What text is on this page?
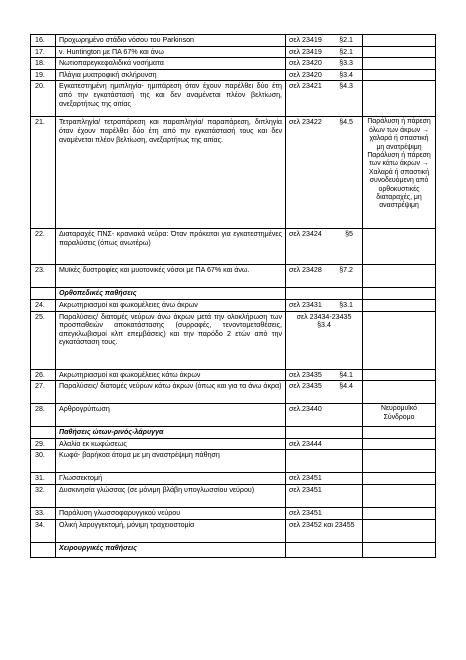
16.	Προχωρημένο στάδιο νόσου του Parkinson	σελ 23419 §2.1	

17.	ν. Huntington με ΠΑ 67% και άνω	σελ 23419 §2.1	

18.	Νωτιοπαρεγκεφαλιδικά νοσήματα	σελ 23420 §3.3	

19.	Πλάγια μυατροφική σκλήρυνση	σελ 23420 §3.4	

20.	Εγκατεστημένη ημιπληγία- ημιπάρεση όταν έχουν παρέλθει δύο έτη από την εγκατάστασή της και δεν αναμένεται πλέον βελτίωση, ανεξαρτήτως της αιτίας	σελ 23421 §4.3	

21.	Τετραπληγία/ τετραπάρεση και παραπληγία/ παραπάρεση, διπληγία όταν έχουν παρέλθει δύο έτη από την εγκατάστασή τους και δεν αναμένεται πλέον βελτίωση, ανεξαρτήτως της αιτίας.	σελ 23422 §4.5	Παράλυση ή πάρεση όλων των άκρων → χαλαρά ή σπαστική μη ανατρέψιμη Παράλυση ή πάρεση των κάτω άκρων → Χαλαρά ή σπαστική συνοδευόμενη από ορθοκυστικές διαταραχές, μη αναστρέψιμη
22.	Διαταραχές ΠΝΣ- κρανιακά νεύρα: Όταν πρόκειται για εγκατεστημένες παραλύσεις (όπως ανωτέρω)	σελ 23424 §5	

23.	Μυϊκές δυστροφίες και μυοτονικές νόσοι με ΠΑ 67% και άνω.	σελ 23428 §7.2	

	Ορθοπεδικές παθήσεις		
24.	Ακρωτηριασμοί και φωκομέλειες άνω άκρων	σελ 23431 §3.1	

25.	Παραλύσεις/ διατομές νεύρων άνω άκρων μετά την ολοκλήρωση των προσπαθειών αποκατάστασης (συρραφές, τενοντομεταθέσεις, απεγκλωβισμοί κλπ επεμβάσεις) και την παρόδο 2 ετών από την εγκατάσταση τους.	σελ 23434-23435 §3.4	

26.	Ακρωτηριασμοί και φωκομέλειες κάτω άκρων	σελ 23435 §4.1	

27.	Παραλύσεις/ διατομές νεύρων κάτω άκρων (όπως και για τα άνω άκρα)	σελ 23435 §4.4	

28.	Αρθρογρύπωση	σελ.23440	Νευρομυϊκό Σύνδρομο
	Παθήσεις ώτων-ρινός-λάρυγγα		
29.	Αλαλία εκ κωφώσεως	σελ 23444	

30.	Κωφά- βαρήκοα άτομα με μη αναστρέψιμη πάθηση	

31.	Γλωσσεκτομή	σελ 23451	

32.	Δυσκινησία γλώσσας (σε μόνιμη βλάβη υπογλωσσίου νεύρου)	σελ 23451	

33.	Παράλυση γλωσσοφαρυγγικού νεύρου	σελ 23451	

34.	Ολική λαρυγγεκτομή, μόνιμη τραχειοστομία	σελ 23452 και 23455	

	Χειρουργικές παθήσεις		
